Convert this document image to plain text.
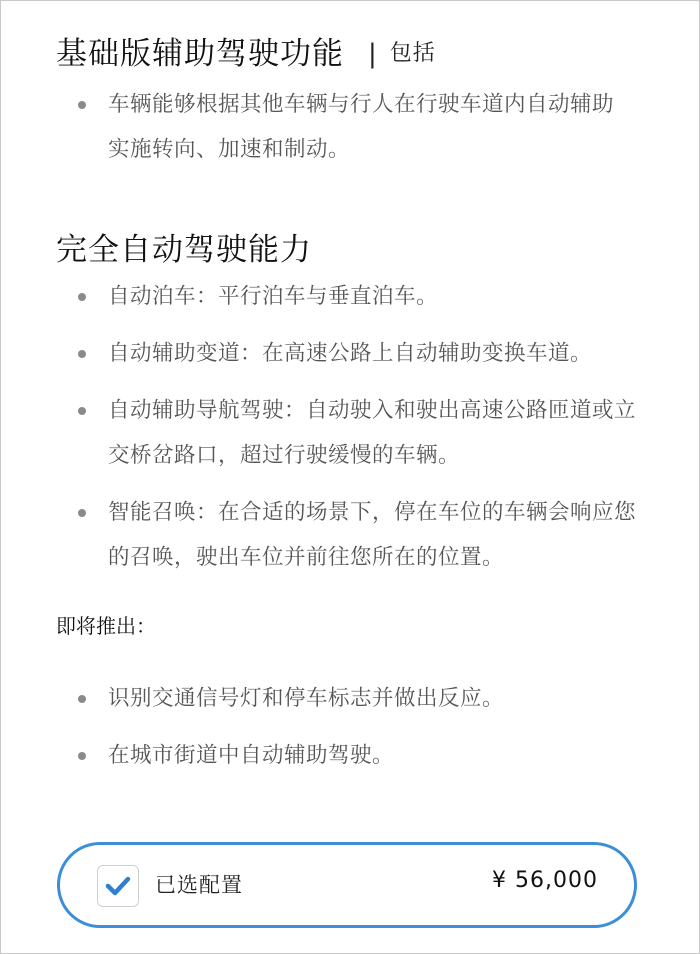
基础版辅助驾驶功能 | 包括
车辆能够根据其他车辆与行人在行驶车道内自动辅助实施转向、加速和制动。
完全自动驾驶能力
自动泊车：平行泊车与垂直泊车。
自动辅助变道：在高速公路上自动辅助变换车道。
自动辅助导航驾驶：自动驶入和驶出高速公路匝道或立交桥岔路口，超过行驶缓慢的车辆。
智能召唤：在合适的场景下，停在车位的车辆会响应您的召唤，驶出车位并前往您所在的位置。
即将推出：
识别交通信号灯和停车标志并做出反应。
在城市街道中自动辅助驾驶。
已选配置	¥ 56,000
